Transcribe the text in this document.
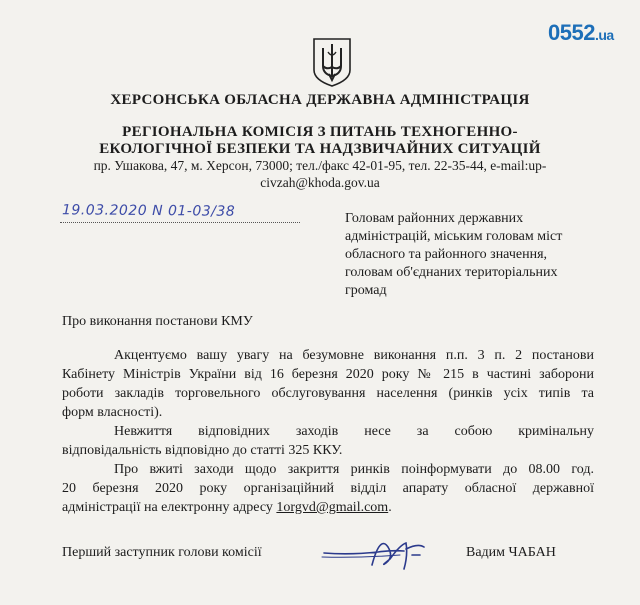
0552.ua
ХЕРСОНСЬКА ОБЛАСНА ДЕРЖАВНА АДМІНІСТРАЦІЯ
РЕГІОНАЛЬНА КОМІСІЯ З ПИТАНЬ ТЕХНОГЕННО-
ЕКОЛОГІЧНОЇ БЕЗПЕКИ ТА НАДЗВИЧАЙНИХ СИТУАЦІЙ
пр. Ушакова, 47, м. Херсон, 73000; тел./факс 42-01-95, тел. 22-35-44, e-mail:up-
civzah@khoda.gov.ua
19.03.2020 N 01-03/38	Головам районних державних
адміністрацій, міським головам міст
обласного та районного значення,
головам об'єднаних територіальних
громад
Про виконання постанови КМУ
Акцентуємо вашу увагу на безумовне виконання п.п. 3 п. 2 постанови
Кабінету Міністрів України від 16 березня 2020 року № 215 в частині заборони
роботи закладів торговельного обслуговування населення (ринків усіх типів та
форм власності).
Невжиття відповідних заходів несе за собою кримінальну
відповідальність відповідно до статті 325 ККУ.
Про вжиті заходи щодо закриття ринків поінформувати до 08.00 год.
20 березня 2020 року організаційний відділ апарату обласної державної
адміністрації на електронну адресу 1orgvd@gmail.com.
Перший заступник голови комісії	Вадим ЧАБАН
